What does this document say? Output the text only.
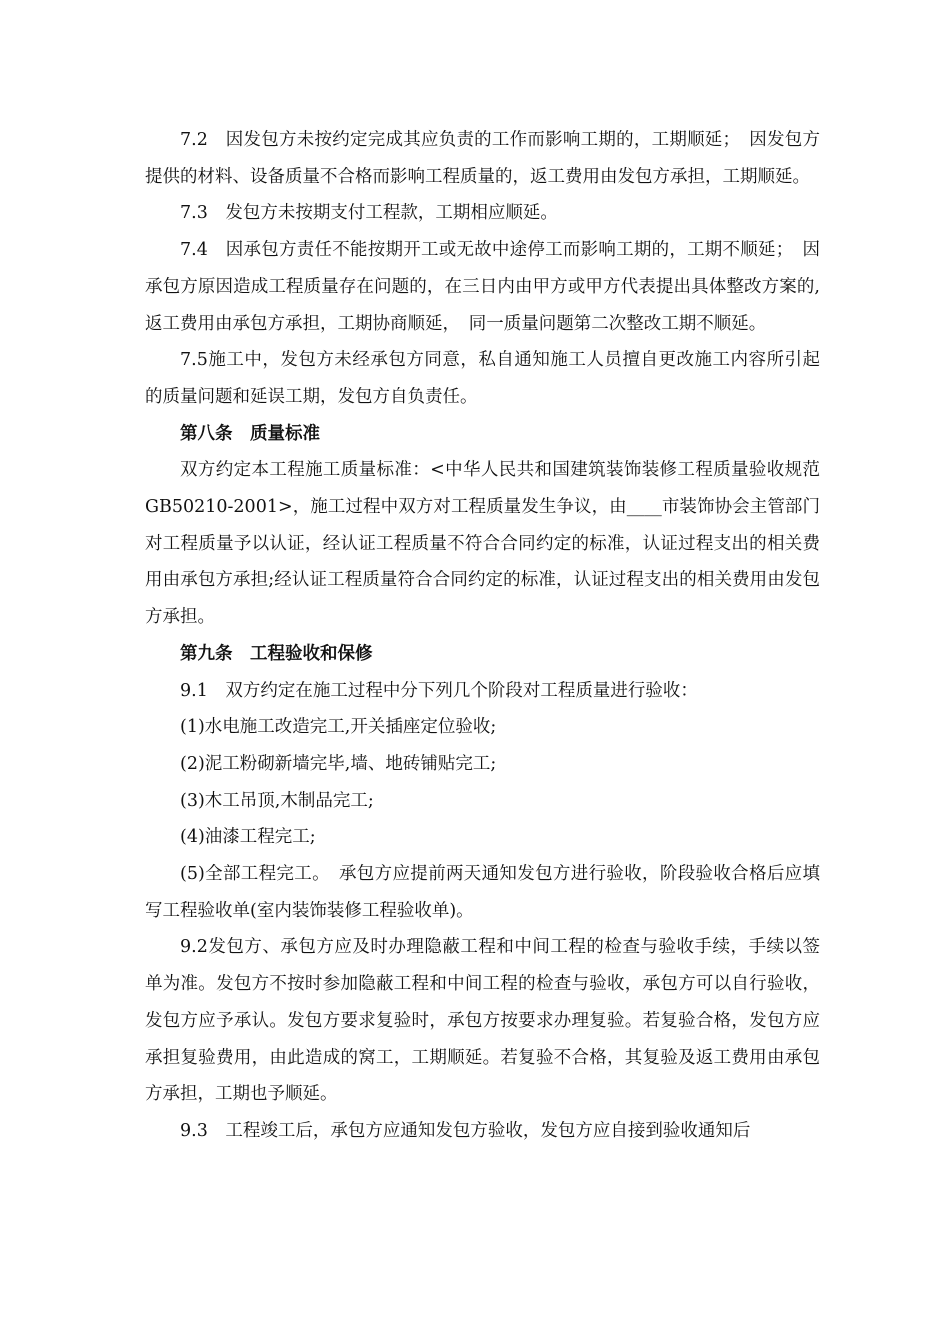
7.2　因发包方未按约定完成其应负责的工作而影响工期的，工期顺延；　因发包方提供的材料、设备质量不合格而影响工程质量的，返工费用由发包方承担，工期顺延。

7.3　发包方未按期支付工程款，工期相应顺延。

7.4　因承包方责任不能按期开工或无故中途停工而影响工期的，工期不顺延；　因承包方原因造成工程质量存在问题的，在三日内由甲方或甲方代表提出具体整改方案的,返工费用由承包方承担，工期协商顺延，　同一质量问题第二次整改工期不顺延。

7.5施工中，发包方未经承包方同意，私自通知施工人员擅自更改施工内容所引起的质量问题和延误工期，发包方自负责任。

第八条　质量标准

双方约定本工程施工质量标准：<中华人民共和国建筑装饰装修工程质量验收规范　GB50210-2001>，施工过程中双方对工程质量发生争议，由____市装饰协会主管部门对工程质量予以认证，经认证工程质量不符合合同约定的标准，认证过程支出的相关费用由承包方承担;经认证工程质量符合合同约定的标准，认证过程支出的相关费用由发包方承担。

第九条　工程验收和保修

9.1　双方约定在施工过程中分下列几个阶段对工程质量进行验收：

(1)水电施工改造完工,开关插座定位验收;

(2)泥工粉砌新墙完毕,墙、地砖铺贴完工;

(3)木工吊顶,木制品完工;

(4)油漆工程完工;

(5)全部工程完工。　承包方应提前两天通知发包方进行验收，阶段验收合格后应填写工程验收单(室内装饰装修工程验收单)。

9.2发包方、承包方应及时办理隐蔽工程和中间工程的检查与验收手续，手续以签单为准。发包方不按时参加隐蔽工程和中间工程的检查与验收，承包方可以自行验收，发包方应予承认。发包方要求复验时，承包方按要求办理复验。若复验合格，发包方应承担复验费用，由此造成的窝工，工期顺延。若复验不合格，其复验及返工费用由承包方承担，工期也予顺延。

9.3　工程竣工后，承包方应通知发包方验收，发包方应自接到验收通知后
